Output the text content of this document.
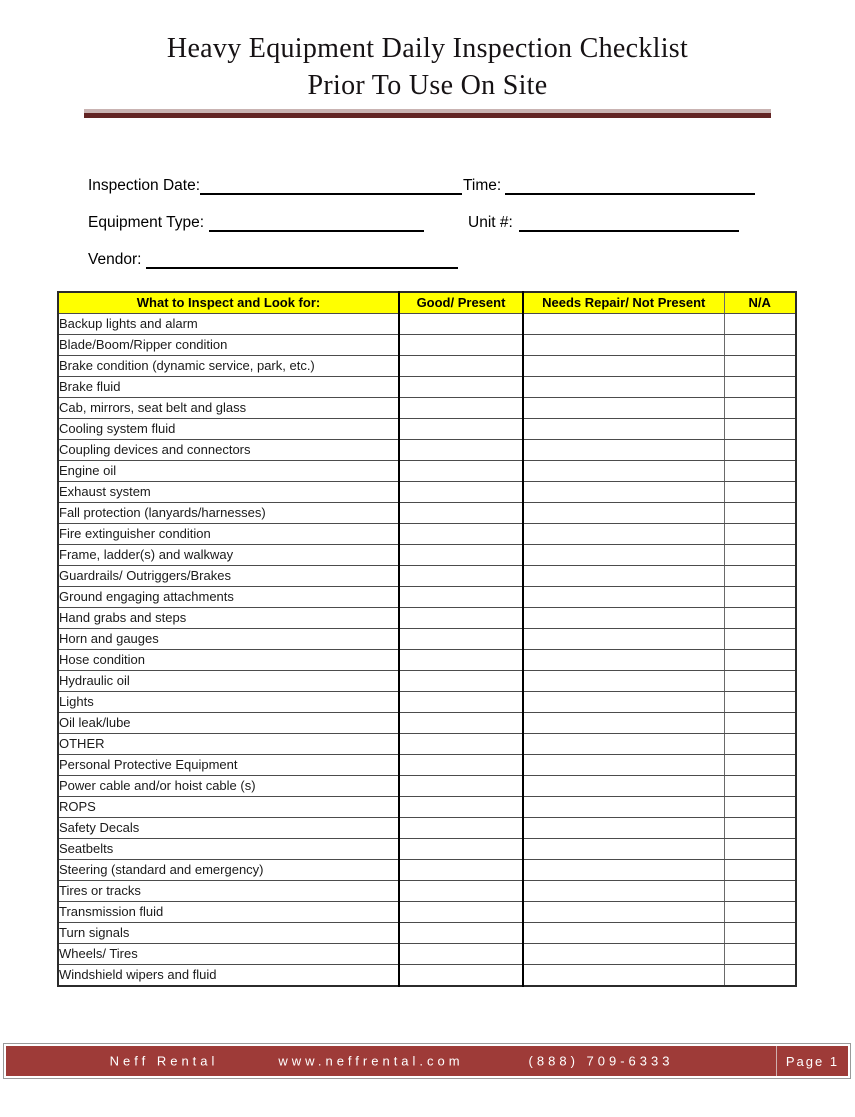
Heavy Equipment Daily Inspection Checklist
Prior To Use On Site
Inspection Date:	Time:
Equipment Type:	Unit #:
Vendor:
What to Inspect and Look for:	Good/ Present	Needs Repair/ Not Present	N/A
Backup lights and alarm			
Blade/Boom/Ripper condition			
Brake condition (dynamic service, park, etc.)			
Brake fluid			
Cab, mirrors, seat belt and glass			
Cooling system fluid			
Coupling devices and connectors			
Engine oil			
Exhaust system			
Fall protection (lanyards/harnesses)			
Fire extinguisher condition			
Frame, ladder(s) and walkway			
Guardrails/ Outriggers/Brakes			
Ground engaging attachments			
Hand grabs and steps			
Horn and gauges			
Hose condition			
Hydraulic oil			
Lights			
Oil leak/lube			
OTHER			
Personal Protective Equipment			
Power cable and/or hoist cable (s)			
ROPS			
Safety Decals			
Seatbelts			
Steering (standard and emergency)			
Tires or tracks			
Transmission fluid			
Turn signals			
Wheels/ Tires			
Windshield wipers and fluid			
Neff Rental	www.neffrental.com	(888) 709-6333	Page 1
